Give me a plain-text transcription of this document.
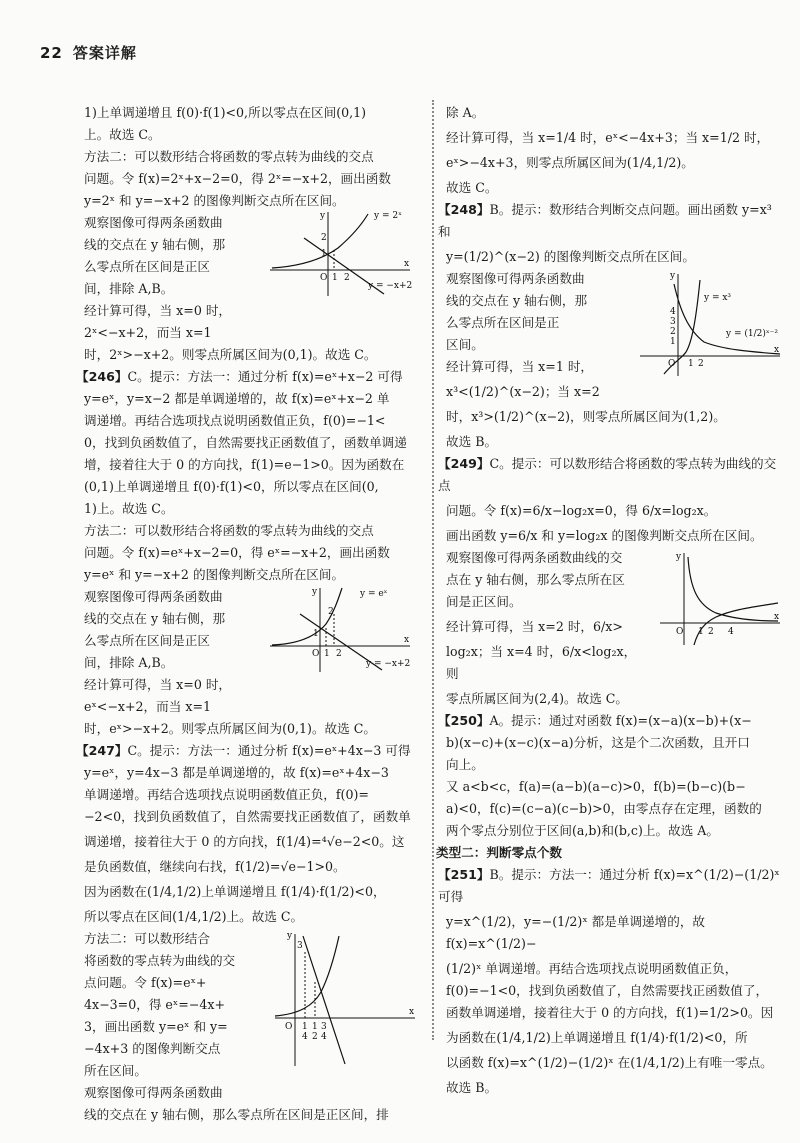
22 答案详解

1)上单调递增且 f(0)·f(1)<0,所以零点在区间(0,1)

上。故选 C。

方法二：可以数形结合将函数的零点转为曲线的交点

问题。令 f(x)=2ˣ+x−2=0，得 2ˣ=−x+2，画出函数

y=2ˣ 和 y=−x+2 的图像判断交点所在区间。

y = 2ˣ
y = −x+2
y
x
O
1
2
1 2

观察图像可得两条函数曲

线的交点在 y 轴右侧，那

么零点所在区间是正区

间，排除 A,B。

经计算可得，当 x=0 时，

2ˣ<−x+2，而当 x=1

时，2ˣ>−x+2。则零点所属区间为(0,1)。故选 C。

【246】C。提示：方法一：通过分析 f(x)=eˣ+x−2 可得

y=eˣ，y=x−2 都是单调递增的，故 f(x)=eˣ+x−2 单

调递增。再结合选项找点说明函数值正负，f(0)=−1<

0，找到负函数值了，自然需要找正函数值了，函数单调递

增，接着往大于 0 的方向找，f(1)=e−1>0。因为函数在

(0,1)上单调递增且 f(0)·f(1)<0，所以零点在区间(0,

1)上。故选 C。

方法二：可以数形结合将函数的零点转为曲线的交点

问题。令 f(x)=eˣ+x−2=0，得 eˣ=−x+2，画出函数

y=eˣ 和 y=−x+2 的图像判断交点所在区间。

y = eˣ
y = −x+2
y
x
O
1
2
1 2

观察图像可得两条函数曲

线的交点在 y 轴右侧，那

么零点所在区间是正区

间，排除 A,B。

经计算可得，当 x=0 时，

eˣ<−x+2，而当 x=1

时，eˣ>−x+2。则零点所属区间为(0,1)。故选 C。

【247】C。提示：方法一：通过分析 f(x)=eˣ+4x−3 可得

y=eˣ，y=4x−3 都是单调递增的，故 f(x)=eˣ+4x−3

单调递增。再结合选项找点说明函数值正负，f(0)=

−2<0，找到负函数值了，自然需要找正函数值了，函数单

调递增，接着往大于 0 的方向找，f(1/4)=⁴√e−2<0。这

是负函数值，继续向右找，f(1/2)=√e−1>0。

因为函数在(1/4,1/2)上单调递增且 f(1/4)·f(1/2)<0，

所以零点在区间(1/4,1/2)上。故选 C。

y
x
O
3
1
4
1
2
3
4

方法二：可以数形结合

将函数的零点转为曲线的交

点问题。令 f(x)=eˣ+

4x−3=0，得 eˣ=−4x+

3，画出函数 y=eˣ 和 y=

−4x+3 的图像判断交点

所在区间。

观察图像可得两条函数曲

线的交点在 y 轴右侧，那么零点所在区间是正区间，排

除 A。

经计算可得，当 x=1/4 时，eˣ<−4x+3；当 x=1/2 时，

eˣ>−4x+3，则零点所属区间为(1/4,1/2)。

故选 C。

【248】B。提示：数形结合判断交点问题。画出函数 y=x³ 和

y=(1/2)^(x−2) 的图像判断交点所在区间。

y = x³
y = (1/2)ˣ⁻²
y
x
O
4
3
2
1
1 2

观察图像可得两条函数曲

线的交点在 y 轴右侧，那

么零点所在区间是正

区间。

经计算可得，当 x=1 时，

x³<(1/2)^(x−2)；当 x=2

时，x³>(1/2)^(x−2)，则零点所属区间为(1,2)。

故选 B。

【249】C。提示：可以数形结合将函数的零点转为曲线的交点

问题。令 f(x)=6/x−log₂x=0，得 6/x=log₂x。

画出函数 y=6/x 和 y=log₂x 的图像判断交点所在区间。

y
x
O 1 2 4

观察图像可得两条函数曲线的交

点在 y 轴右侧，那么零点所在区

间是正区间。

经计算可得，当 x=2 时，6/x>

log₂x；当 x=4 时，6/x<log₂x，则

零点所属区间为(2,4)。故选 C。

【250】A。提示：通过对函数 f(x)=(x−a)(x−b)+(x−

b)(x−c)+(x−c)(x−a)分析，这是个二次函数，且开口

向上。

又 a<b<c，f(a)=(a−b)(a−c)>0，f(b)=(b−c)(b−

a)<0，f(c)=(c−a)(c−b)>0，由零点存在定理，函数的

两个零点分别位于区间(a,b)和(b,c)上。故选 A。

类型二：判断零点个数

【251】B。提示：方法一：通过分析 f(x)=x^(1/2)−(1/2)ˣ 可得

y=x^(1/2)，y=−(1/2)ˣ 都是单调递增的，故 f(x)=x^(1/2)−

(1/2)ˣ 单调递增。再结合选项找点说明函数值正负，

f(0)=−1<0，找到负函数值了，自然需要找正函数值了，

函数单调递增，接着往大于 0 的方向找，f(1)=1/2>0。因

为函数在(1/4,1/2)上单调递增且 f(1/4)·f(1/2)<0，所

以函数 f(x)=x^(1/2)−(1/2)ˣ 在(1/4,1/2)上有唯一零点。

故选 B。
